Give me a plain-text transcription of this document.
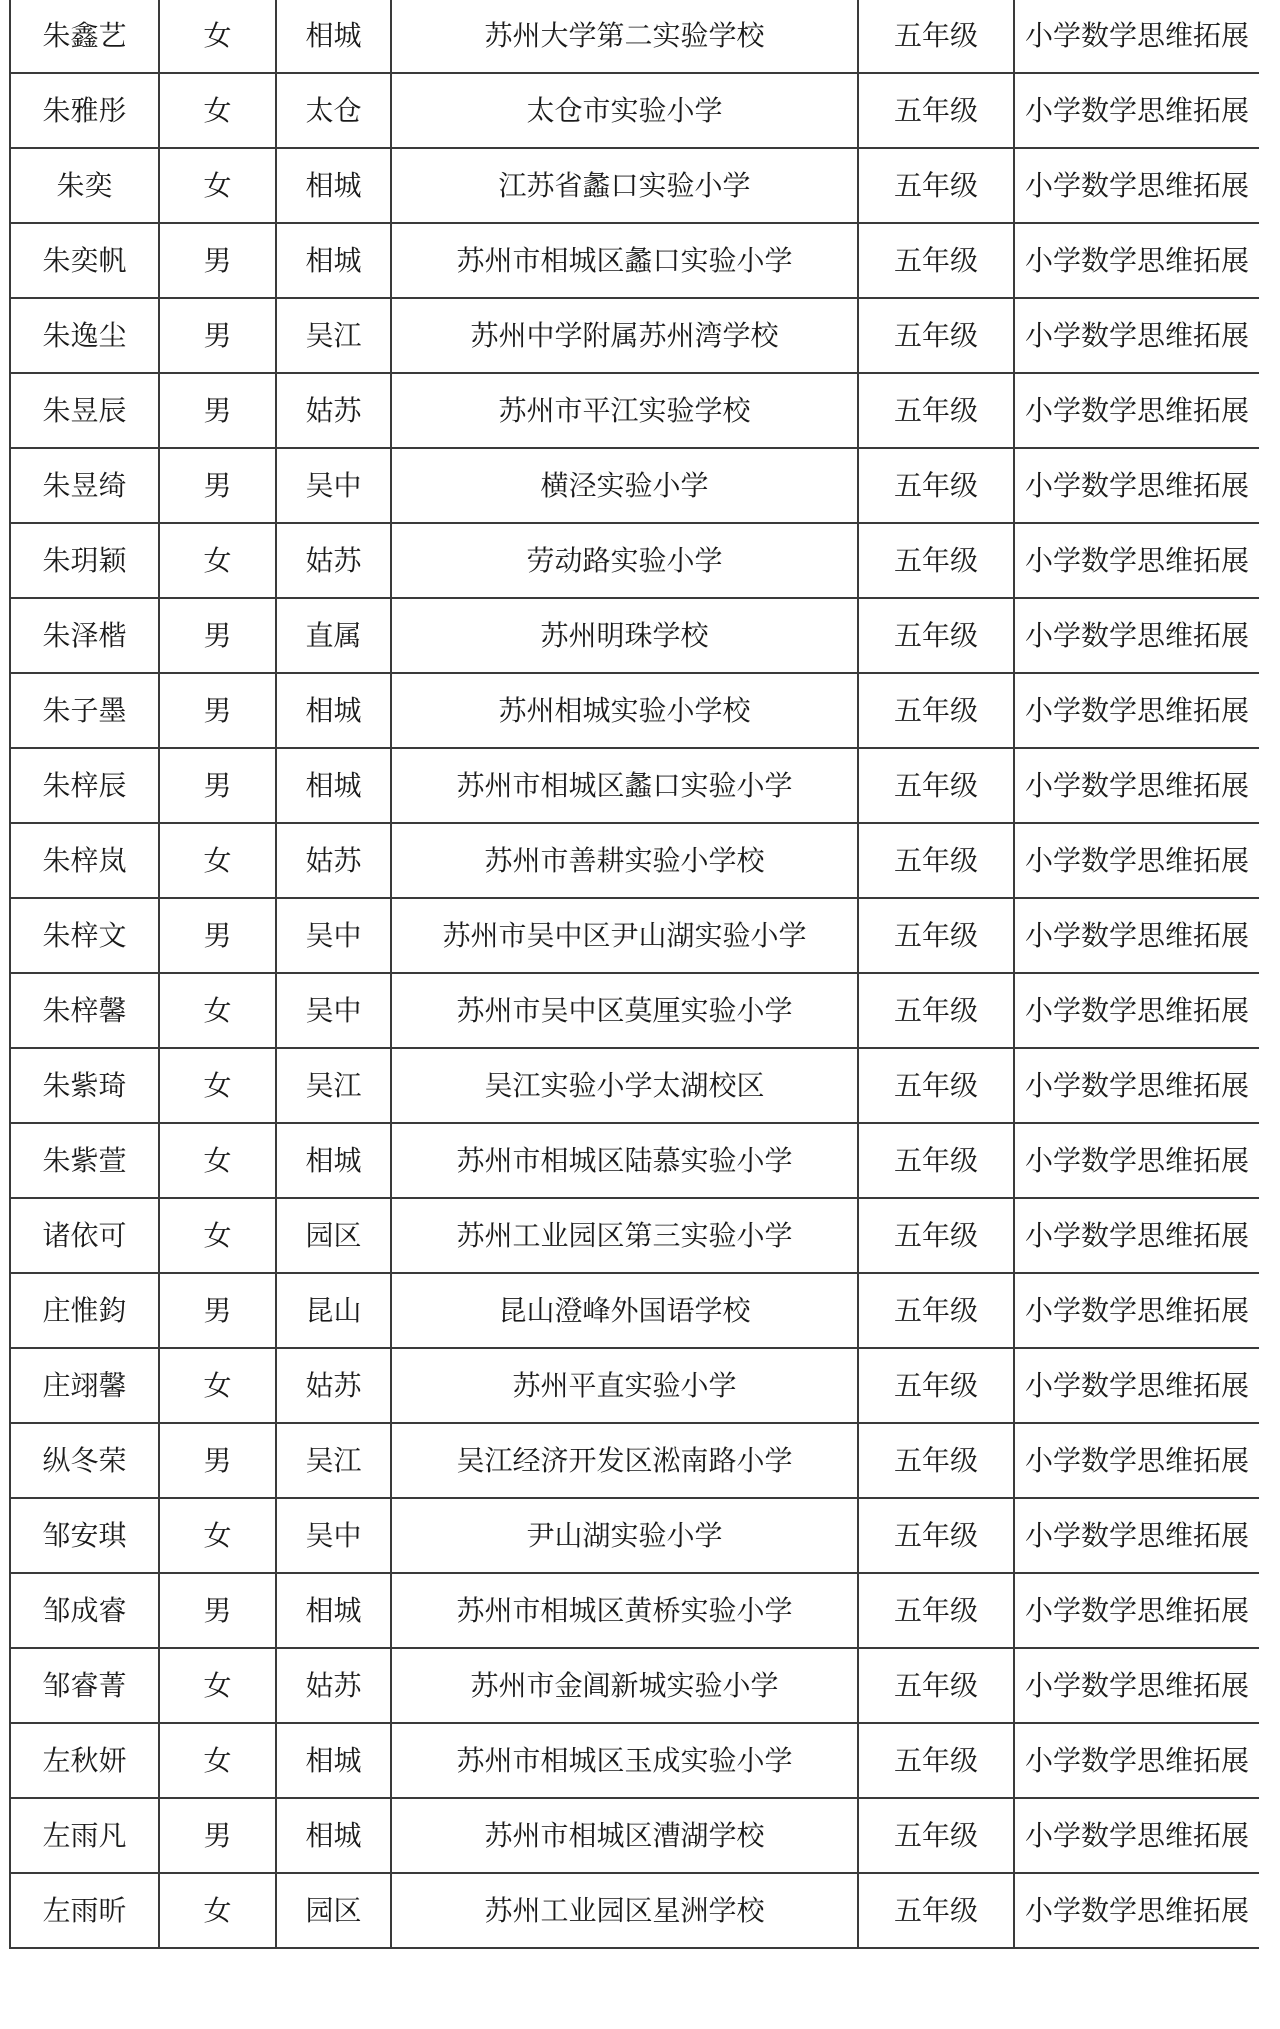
朱鑫艺	女	相城	苏州大学第二实验学校	五年级	小学数学思维拓展
朱雅彤	女	太仓	太仓市实验小学	五年级	小学数学思维拓展
朱奕	女	相城	江苏省蠡口实验小学	五年级	小学数学思维拓展
朱奕帆	男	相城	苏州市相城区蠡口实验小学	五年级	小学数学思维拓展
朱逸尘	男	吴江	苏州中学附属苏州湾学校	五年级	小学数学思维拓展
朱昱辰	男	姑苏	苏州市平江实验学校	五年级	小学数学思维拓展
朱昱绮	男	吴中	横泾实验小学	五年级	小学数学思维拓展
朱玥颖	女	姑苏	劳动路实验小学	五年级	小学数学思维拓展
朱泽楷	男	直属	苏州明珠学校	五年级	小学数学思维拓展
朱子墨	男	相城	苏州相城实验小学校	五年级	小学数学思维拓展
朱梓辰	男	相城	苏州市相城区蠡口实验小学	五年级	小学数学思维拓展
朱梓岚	女	姑苏	苏州市善耕实验小学校	五年级	小学数学思维拓展
朱梓文	男	吴中	苏州市吴中区尹山湖实验小学	五年级	小学数学思维拓展
朱梓馨	女	吴中	苏州市吴中区莫厘实验小学	五年级	小学数学思维拓展
朱紫琦	女	吴江	吴江实验小学太湖校区	五年级	小学数学思维拓展
朱紫萱	女	相城	苏州市相城区陆慕实验小学	五年级	小学数学思维拓展
诸依可	女	园区	苏州工业园区第三实验小学	五年级	小学数学思维拓展
庄惟鈞	男	昆山	昆山澄峰外国语学校	五年级	小学数学思维拓展
庄翊馨	女	姑苏	苏州平直实验小学	五年级	小学数学思维拓展
纵冬荣	男	吴江	吴江经济开发区淞南路小学	五年级	小学数学思维拓展
邹安琪	女	吴中	尹山湖实验小学	五年级	小学数学思维拓展
邹成睿	男	相城	苏州市相城区黄桥实验小学	五年级	小学数学思维拓展
邹睿菁	女	姑苏	苏州市金阊新城实验小学	五年级	小学数学思维拓展
左秋妍	女	相城	苏州市相城区玉成实验小学	五年级	小学数学思维拓展
左雨凡	男	相城	苏州市相城区漕湖学校	五年级	小学数学思维拓展
左雨昕	女	园区	苏州工业园区星洲学校	五年级	小学数学思维拓展
